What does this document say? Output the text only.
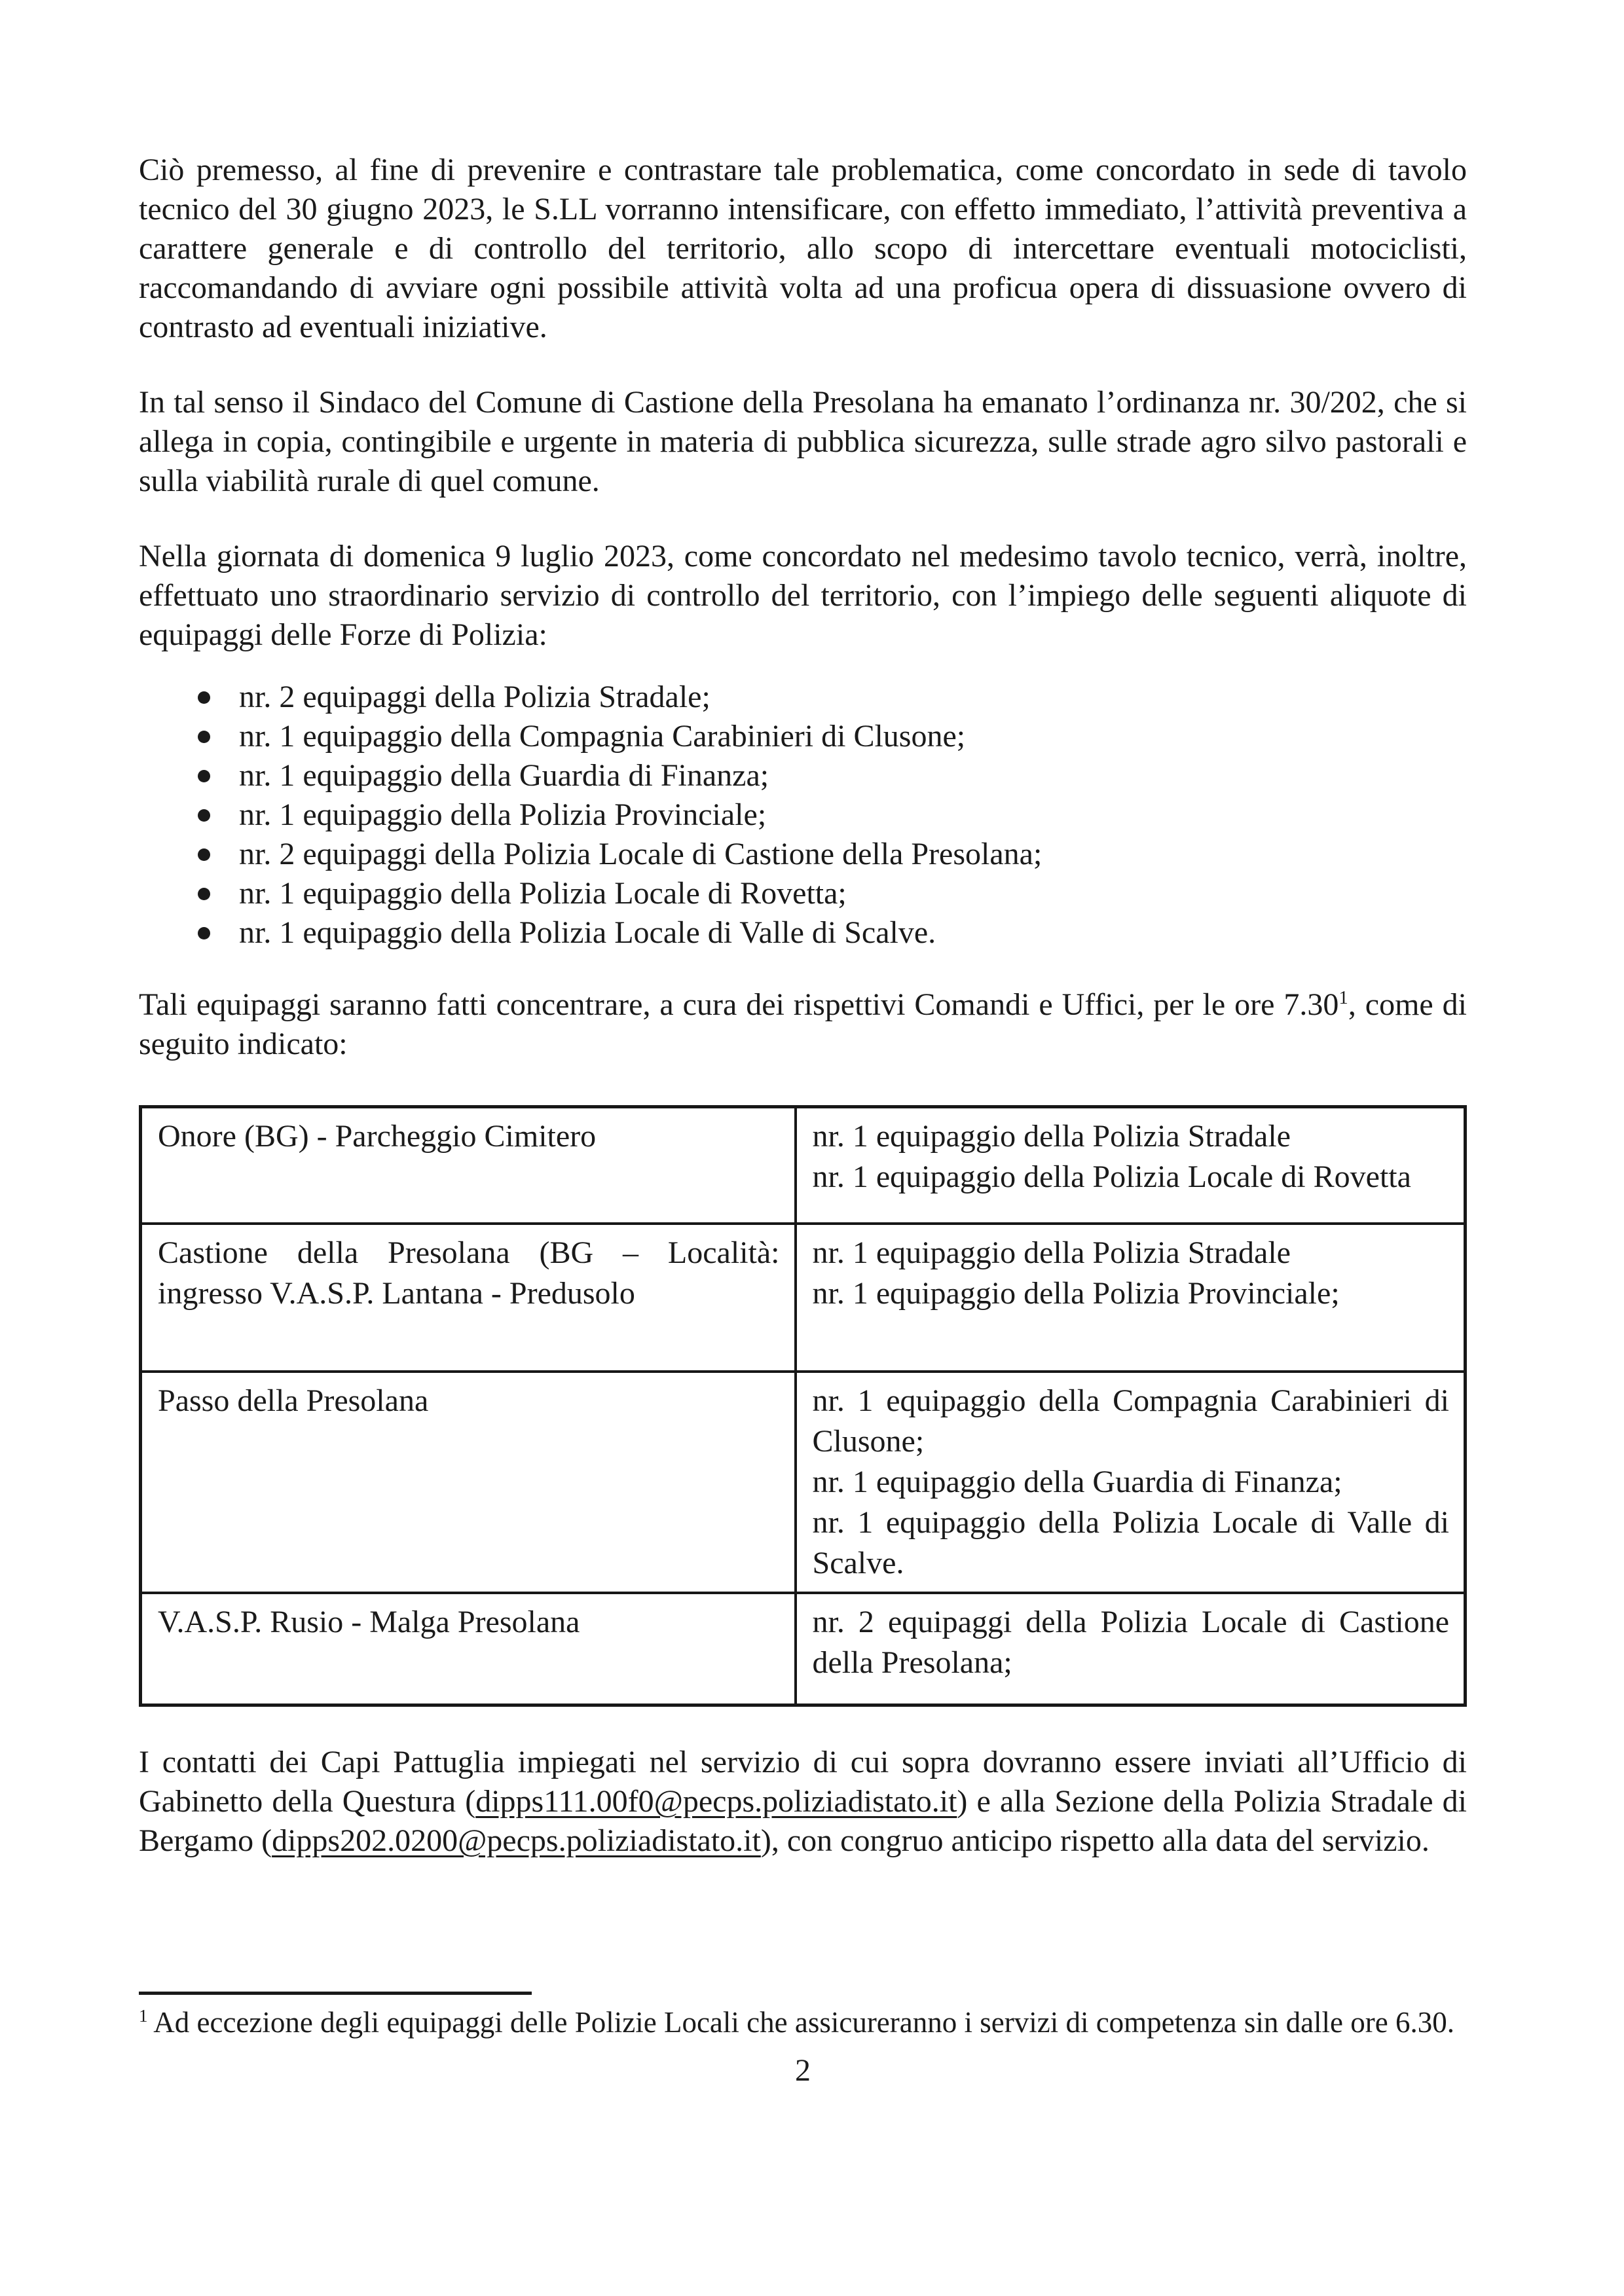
Ciò premesso, al fine di prevenire e contrastare tale problematica, come concordato in sede di tavolo tecnico del 30 giugno 2023, le S.LL vorranno intensificare, con effetto immediato, l’attività preventiva a carattere generale e di controllo del territorio, allo scopo di intercettare eventuali motociclisti, raccomandando di avviare ogni possibile attività volta ad una proficua opera di dissuasione ovvero di contrasto ad eventuali iniziative.

In tal senso il Sindaco del Comune di Castione della Presolana ha emanato l’ordinanza nr. 30/202, che si allega in copia, contingibile e urgente in materia di pubblica sicurezza, sulle strade agro silvo pastorali e sulla viabilità rurale di quel comune.

Nella giornata di domenica 9 luglio 2023, come concordato nel medesimo tavolo tecnico, verrà, inoltre, effettuato uno straordinario servizio di controllo del territorio, con l’impiego delle seguenti aliquote di equipaggi delle Forze di Polizia:

nr. 2 equipaggi della Polizia Stradale;
nr. 1 equipaggio della Compagnia Carabinieri di Clusone;
nr. 1 equipaggio della Guardia di Finanza;
nr. 1 equipaggio della Polizia Provinciale;
nr. 2 equipaggi della Polizia Locale di Castione della Presolana;
nr. 1 equipaggio della Polizia Locale di Rovetta;
nr. 1 equipaggio della Polizia Locale di Valle di Scalve.

Tali equipaggi saranno fatti concentrare, a cura dei rispettivi Comandi e Uffici, per le ore 7.30$^1$, come di seguito indicato:

Onore (BG) - Parcheggio Cimitero	nr. 1 equipaggio della Polizia Stradale
nr. 1 equipaggio della Polizia Locale di Rovetta

Castione della Presolana (BG – Località: ingresso V.A.S.P. Lantana - Predusolo	nr. 1 equipaggio della Polizia Stradale
nr. 1 equipaggio della Polizia Provinciale;

Passo della Presolana	nr. 1 equipaggio della Compagnia Carabinieri di Clusone;
nr. 1 equipaggio della Guardia di Finanza;
nr. 1 equipaggio della Polizia Locale di Valle di Scalve.

V.A.S.P. Rusio - Malga Presolana	nr. 2 equipaggi della Polizia Locale di Castione della Presolana;

I contatti dei Capi Pattuglia impiegati nel servizio di cui sopra dovranno essere inviati all’Ufficio di Gabinetto della Questura (dipps111.00f0@pecps.poliziadistato.it) e alla Sezione della Polizia Stradale di Bergamo (dipps202.0200@pecps.poliziadistato.it), con congruo anticipo rispetto alla data del servizio.

$^1$ Ad eccezione degli equipaggi delle Polizie Locali che assicureranno i servizi di competenza sin dalle ore 6.30.

2
